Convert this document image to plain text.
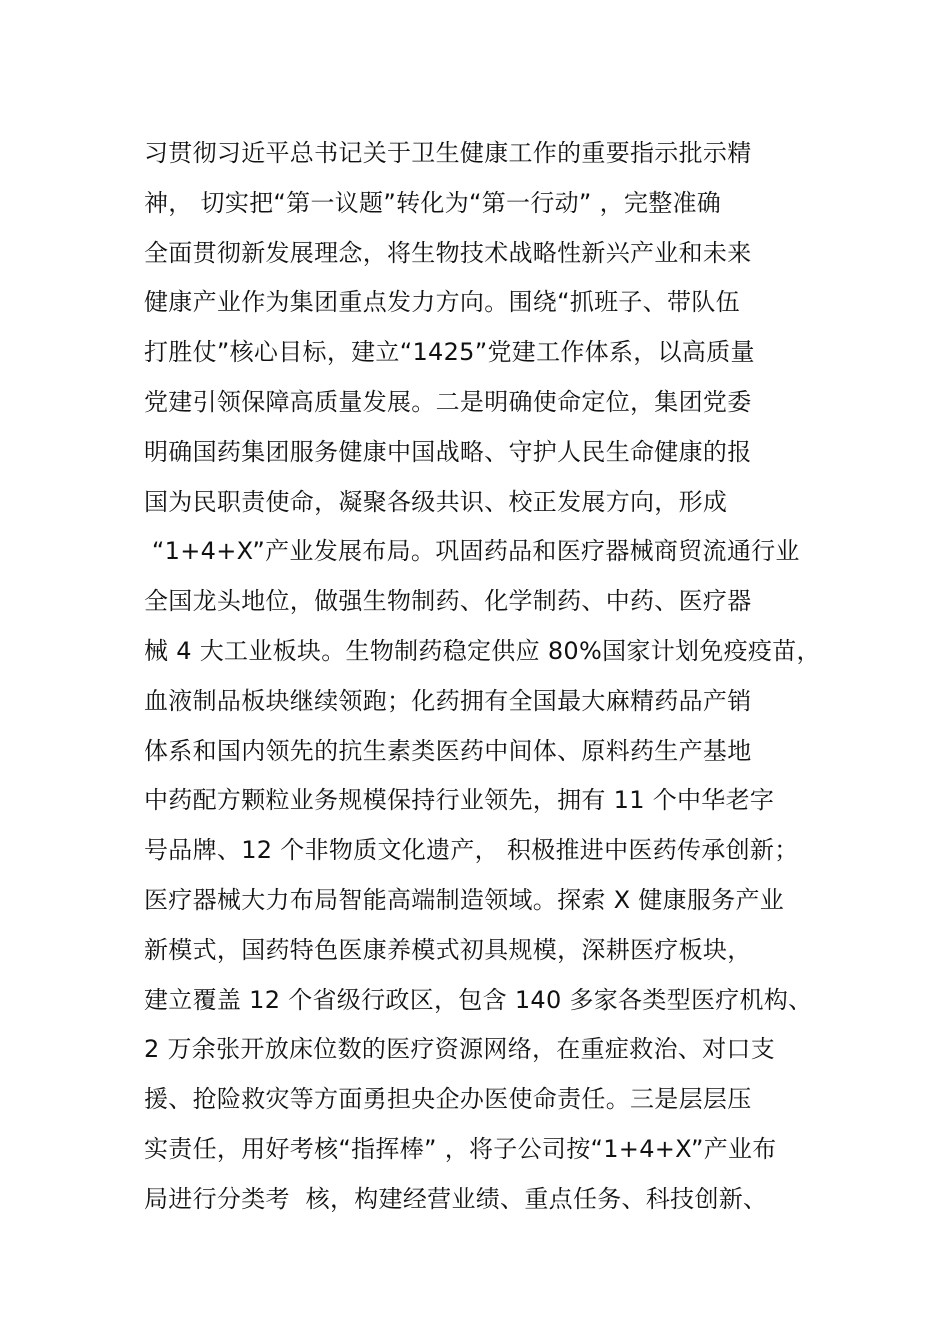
习贯彻习近平总书记关于卫生健康工作的重要指示批示精
神， 切实把“第一议题”转化为“第一行动” ，完整准确
全面贯彻新发展理念，将生物技术战略性新兴产业和未来
健康产业作为集团重点发力方向。围绕“抓班子、带队伍
打胜仗”核心目标，建立“1425”党建工作体系，以高质量
党建引领保障高质量发展。二是明确使命定位，集团党委
明确国药集团服务健康中国战略、守护人民生命健康的报
国为民职责使命，凝聚各级共识、校正发展方向，形成
“1+4+X”产业发展布局。巩固药品和医疗器械商贸流通行业
全国龙头地位，做强生物制药、化学制药、中药、医疗器
械 4 大工业板块。生物制药稳定供应 80%国家计划免疫疫苗，
血液制品板块继续领跑；化药拥有全国最大麻精药品产销
体系和国内领先的抗生素类医药中间体、原料药生产基地
中药配方颗粒业务规模保持行业领先，拥有 11 个中华老字
号品牌、12 个非物质文化遗产， 积极推进中医药传承创新；
医疗器械大力布局智能高端制造领域。探索 X 健康服务产业
新模式，国药特色医康养模式初具规模，深耕医疗板块，
建立覆盖 12 个省级行政区，包含 140 多家各类型医疗机构、
2 万余张开放床位数的医疗资源网络，在重症救治、对口支
援、抢险救灾等方面勇担央企办医使命责任。三是层层压
实责任，用好考核“指挥棒” ，将子公司按“1+4+X”产业布
局进行分类考  核，构建经营业绩、重点任务、科技创新、
